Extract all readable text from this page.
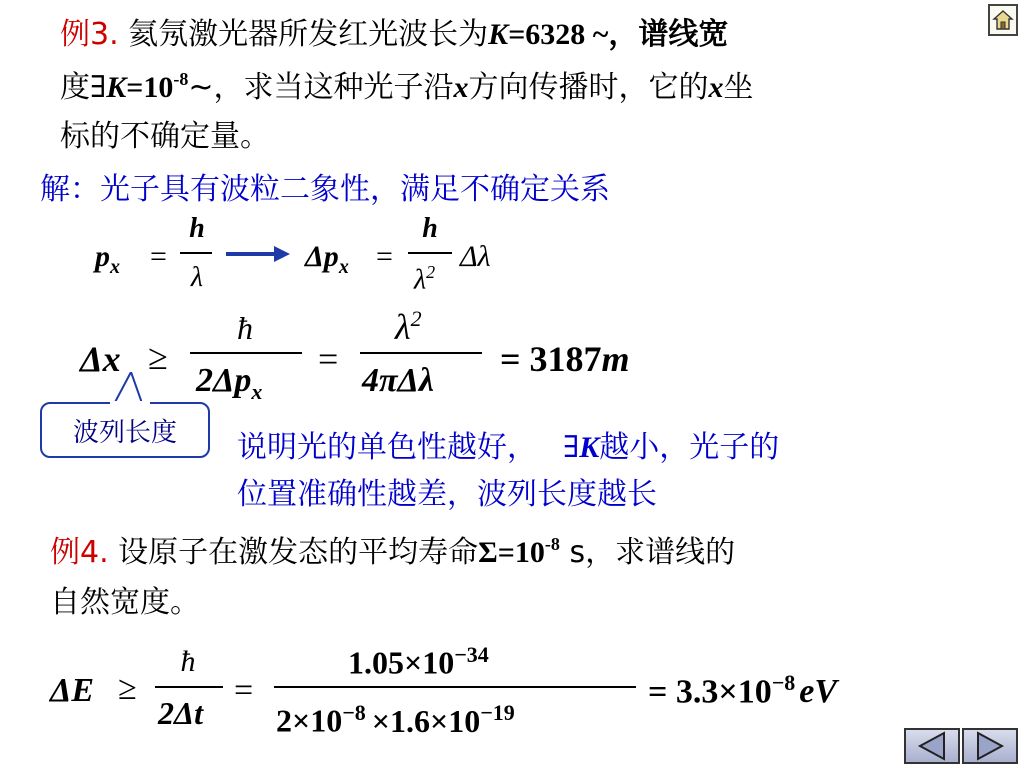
例3. 氦氖激光器所发红光波长为K=6328 ~，谱线宽
度$\exists K=10^{-8}\sim$，求当这种光子沿x方向传播时，它的x坐
标的不确定量。
解：光子具有波粒二象性，满足不确定关系
$p_x$ =
h
λ
$\Delta p_x$ =
h
$\lambda^2$ Δλ
Δx ≥
ħ
$2\Delta p_x$
=
$\lambda^2$
4πΔλ
= 3187m
波列长度	说明光的单色性越好， ∃K越小，光子的
位置准确性越差，波列长度越长
例4. 设原子在激发态的平均寿命$\Sigma=10^{-8}$ s，求谱线的
自然宽度。
ΔE ≥
ħ
2Δt
=
$1.05\times 10^{-34}$
$2\times 10^{-8} \times 1.6\times 10^{-19}$
= $3.3\times 10^{-8}$ eV
